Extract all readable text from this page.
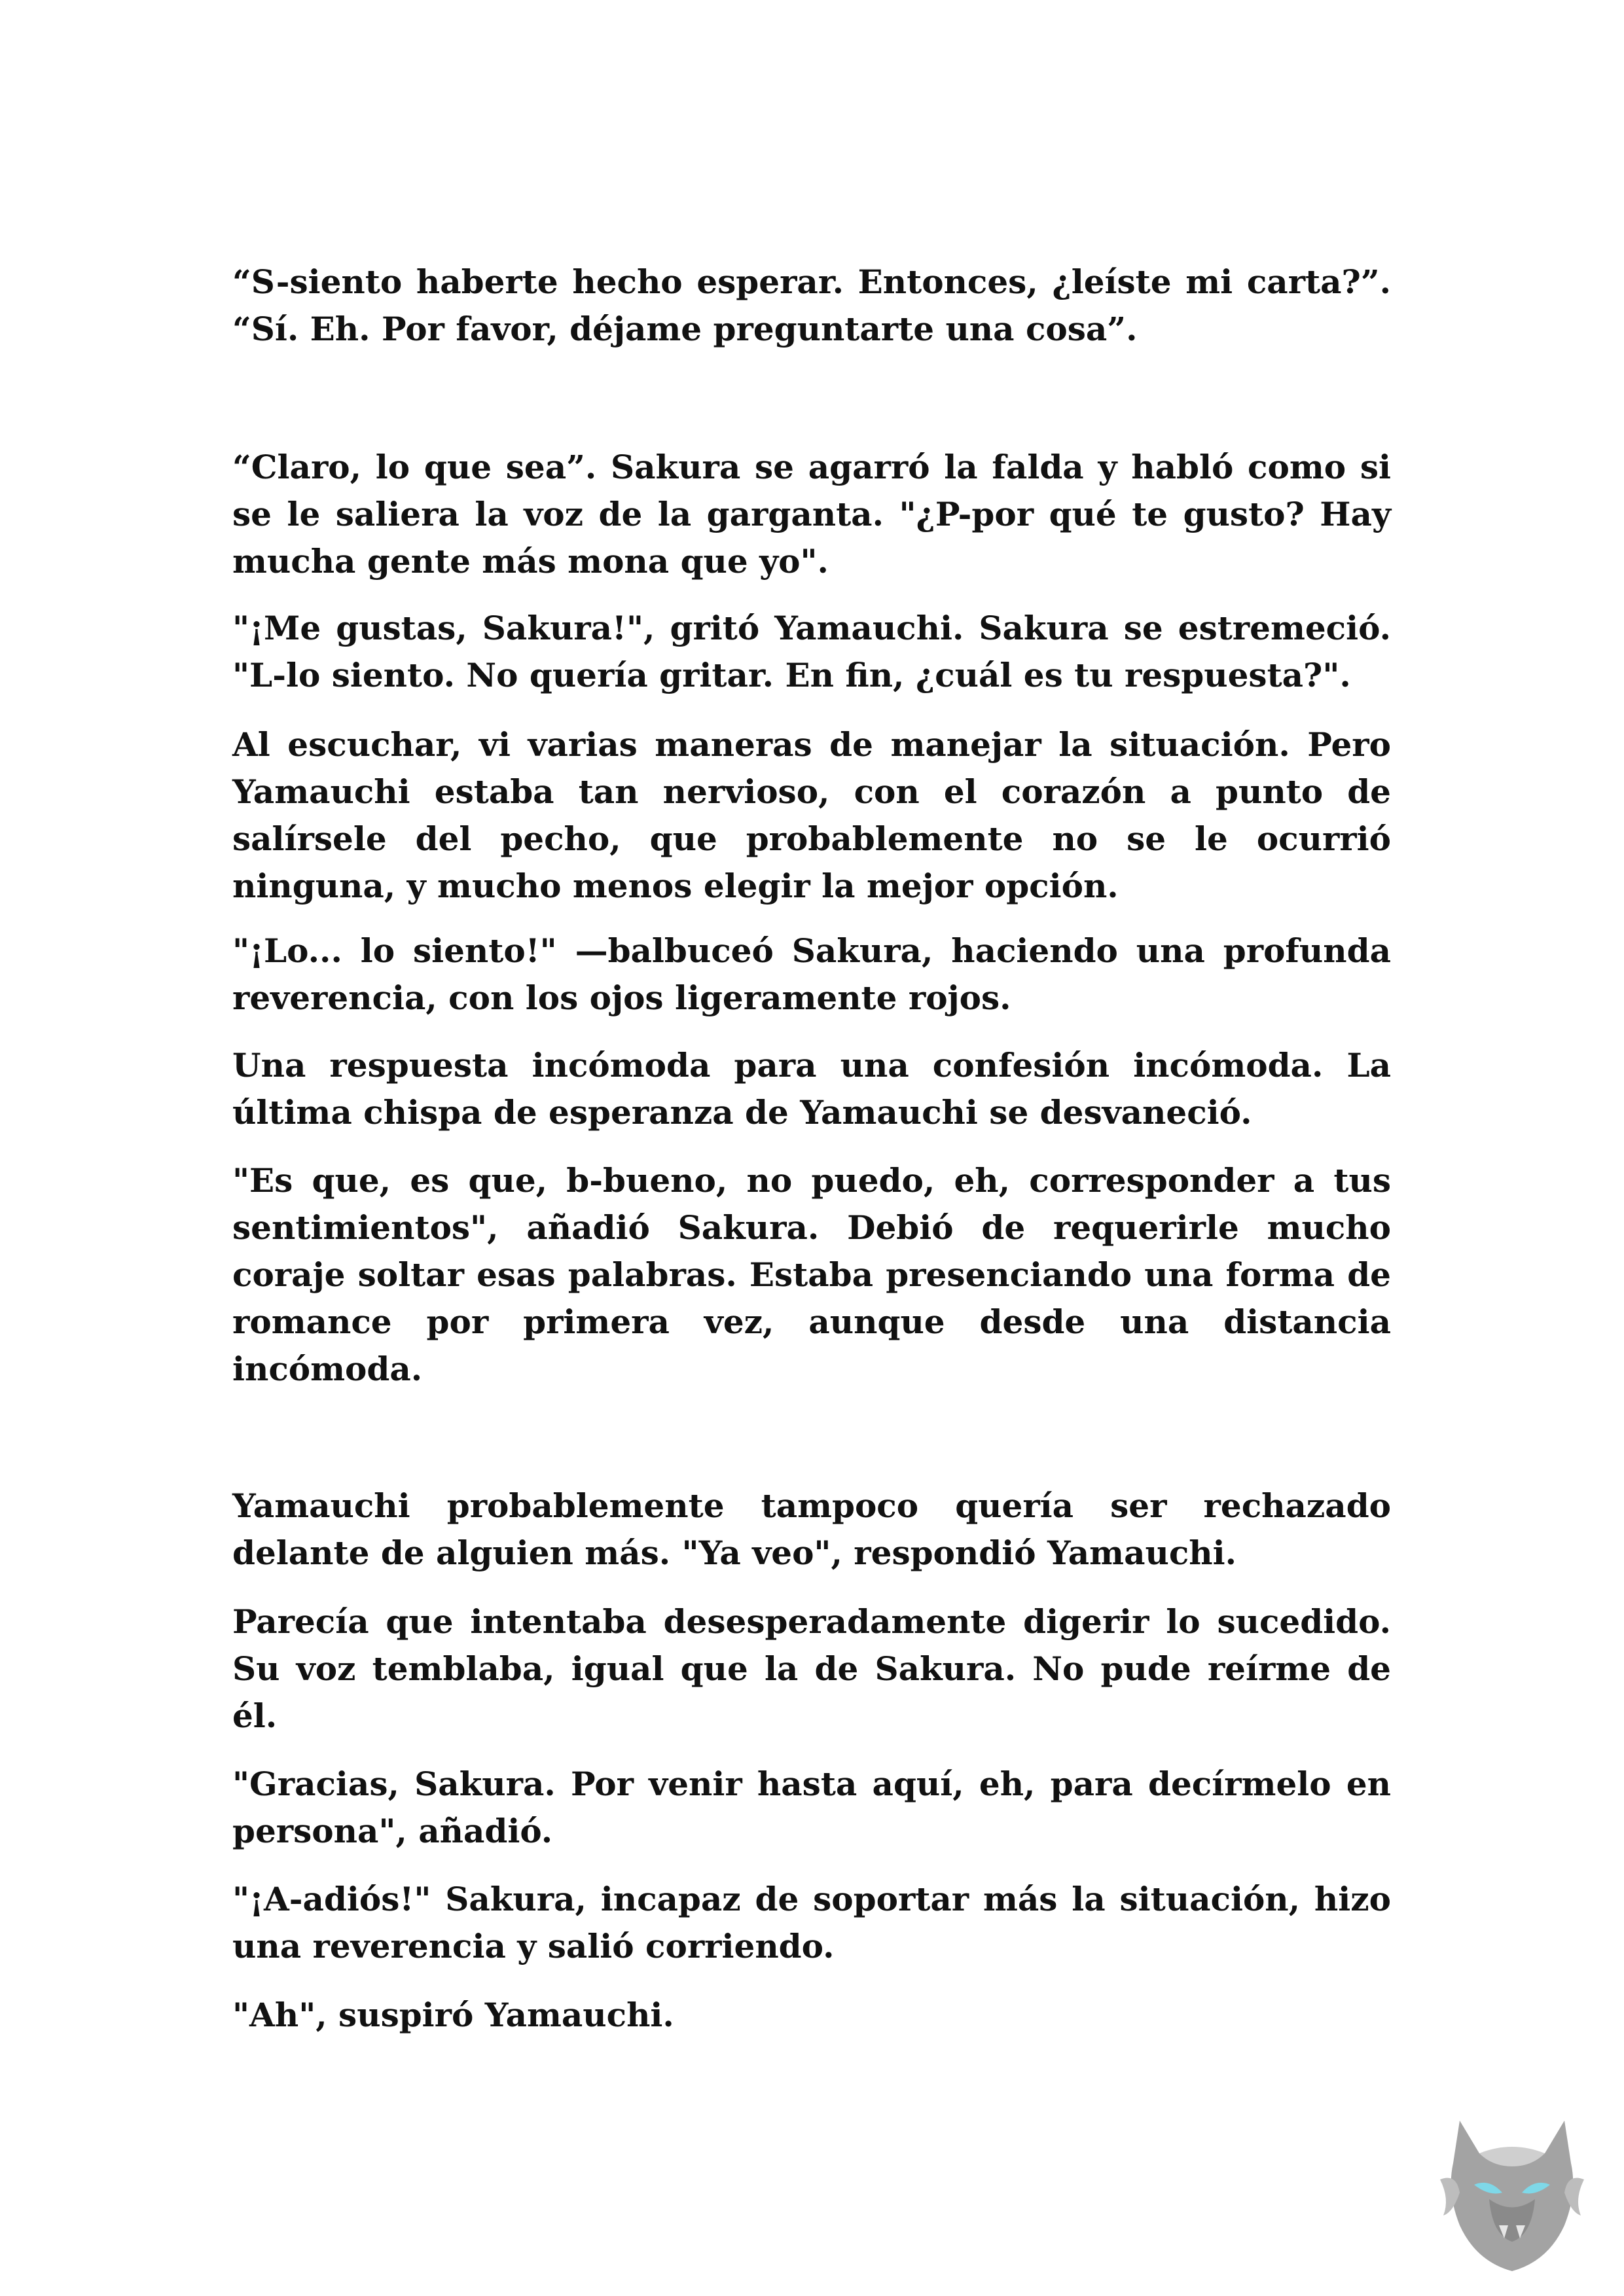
“S-siento haberte hecho esperar. Entonces, ¿leíste mi carta?”. “Sí. Eh. Por favor, déjame preguntarte una cosa”.

“Claro, lo que sea”. Sakura se agarró la falda y habló como si se le saliera la voz de la garganta. "¿P-por qué te gusto? Hay mucha gente más mona que yo".

"¡Me gustas, Sakura!", gritó Yamauchi. Sakura se estremeció. "L-lo siento. No quería gritar. En fin, ¿cuál es tu respuesta?".

Al escuchar, vi varias maneras de manejar la situación. Pero Yamauchi estaba tan nervioso, con el corazón a punto de salírsele del pecho, que probablemente no se le ocurrió ninguna, y mucho menos elegir la mejor opción.

"¡Lo... lo siento!" —balbuceó Sakura, haciendo una profunda reverencia, con los ojos ligeramente rojos.

Una respuesta incómoda para una confesión incómoda. La última chispa de esperanza de Yamauchi se desvaneció.

"Es que, es que, b-bueno, no puedo, eh, corresponder a tus sentimientos", añadió Sakura. Debió de requerirle mucho coraje soltar esas palabras. Estaba presenciando una forma de romance por primera vez, aunque desde una distancia incómoda.

Yamauchi probablemente tampoco quería ser rechazado delante de alguien más. "Ya veo", respondió Yamauchi.

Parecía que intentaba desesperadamente digerir lo sucedido. Su voz temblaba, igual que la de Sakura. No pude reírme de él.

"Gracias, Sakura. Por venir hasta aquí, eh, para decírmelo en persona", añadió.

"¡A-adiós!" Sakura, incapaz de soportar más la situación, hizo una reverencia y salió corriendo.

"Ah", suspiró Yamauchi.
